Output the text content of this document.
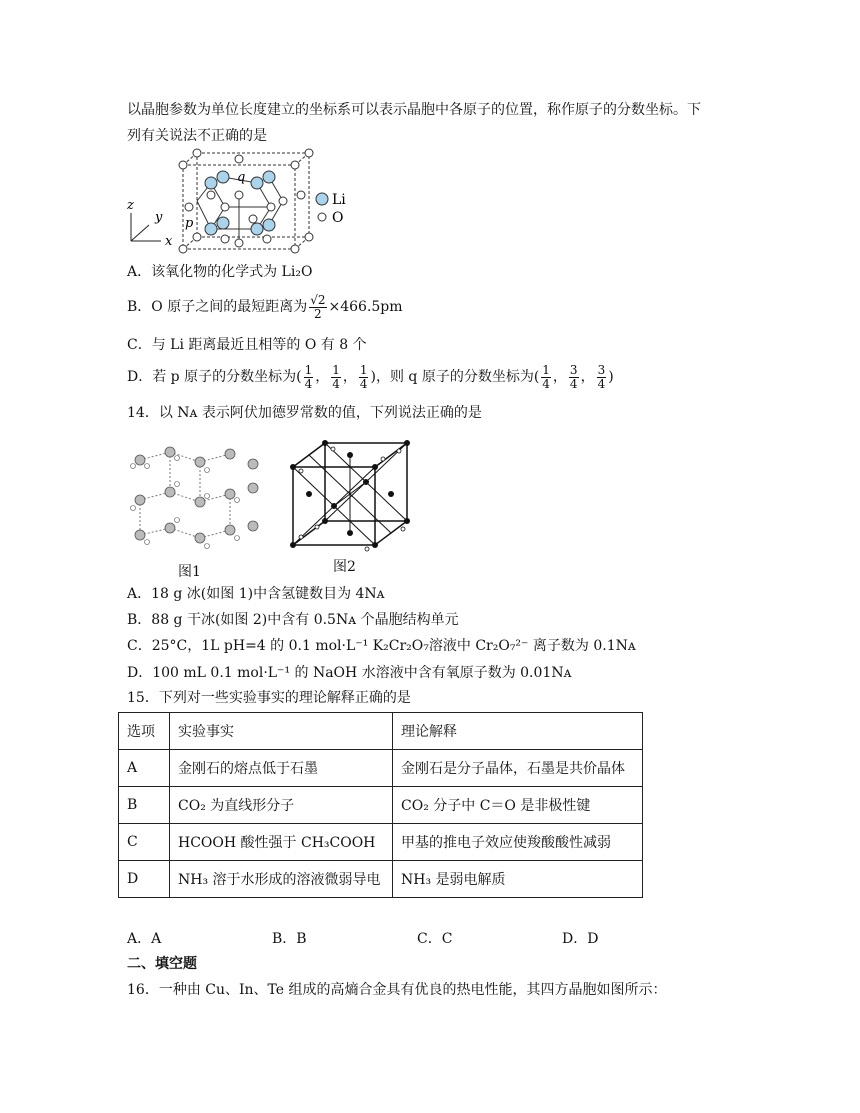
以晶胞参数为单位长度建立的坐标系可以表示晶胞中各原子的位置，称作原子的分数坐标。下
列有关说法不正确的是
z
y
x
p
q
Li
O
A．该氧化物的化学式为 Li₂O
B．O 原子之间的最短距离为 $\frac{√2}{2} \times 466.5pm$
C．与 Li 距离最近且相等的 O 有 8 个
D．若 p 原子的分数坐标为( $\frac{1}{4}$ ， $\frac{1}{4}$ ， $\frac{1}{4}$ )，则 q 原子的分数坐标为( $\frac{1}{4}$ ， $\frac{3}{4}$ ， $\frac{3}{4}$ )
14．以 Nᴀ 表示阿伏加德罗常数的值，下列说法正确的是
图1	图2
A．18 g 冰(如图 1)中含氢键数目为 4Nᴀ
B．88 g 干冰(如图 2)中含有 0.5Nᴀ 个晶胞结构单元
C．25°C，1L pH=4 的 0.1 mol·L⁻¹ K₂Cr₂O₇溶液中 Cr₂O₇²⁻ 离子数为 0.1Nᴀ
D．100 mL 0.1 mol·L⁻¹ 的 NaOH 水溶液中含有氧原子数为 0.01Nᴀ
15．下列对一些实验事实的理论解释正确的是
选项	实验事实	理论解释
A	金刚石的熔点低于石墨	金刚石是分子晶体，石墨是共价晶体
B	CO₂ 为直线形分子	CO₂ 分子中 C＝O 是非极性键
C	HCOOH 酸性强于 CH₃COOH	甲基的推电子效应使羧酸酸性减弱
D	NH₃ 溶于水形成的溶液微弱导电	NH₃ 是弱电解质
A．A	B．B	C．C	D．D
二、填空题
16．一种由 Cu、In、Te 组成的高熵合金具有优良的热电性能，其四方晶胞如图所示：
